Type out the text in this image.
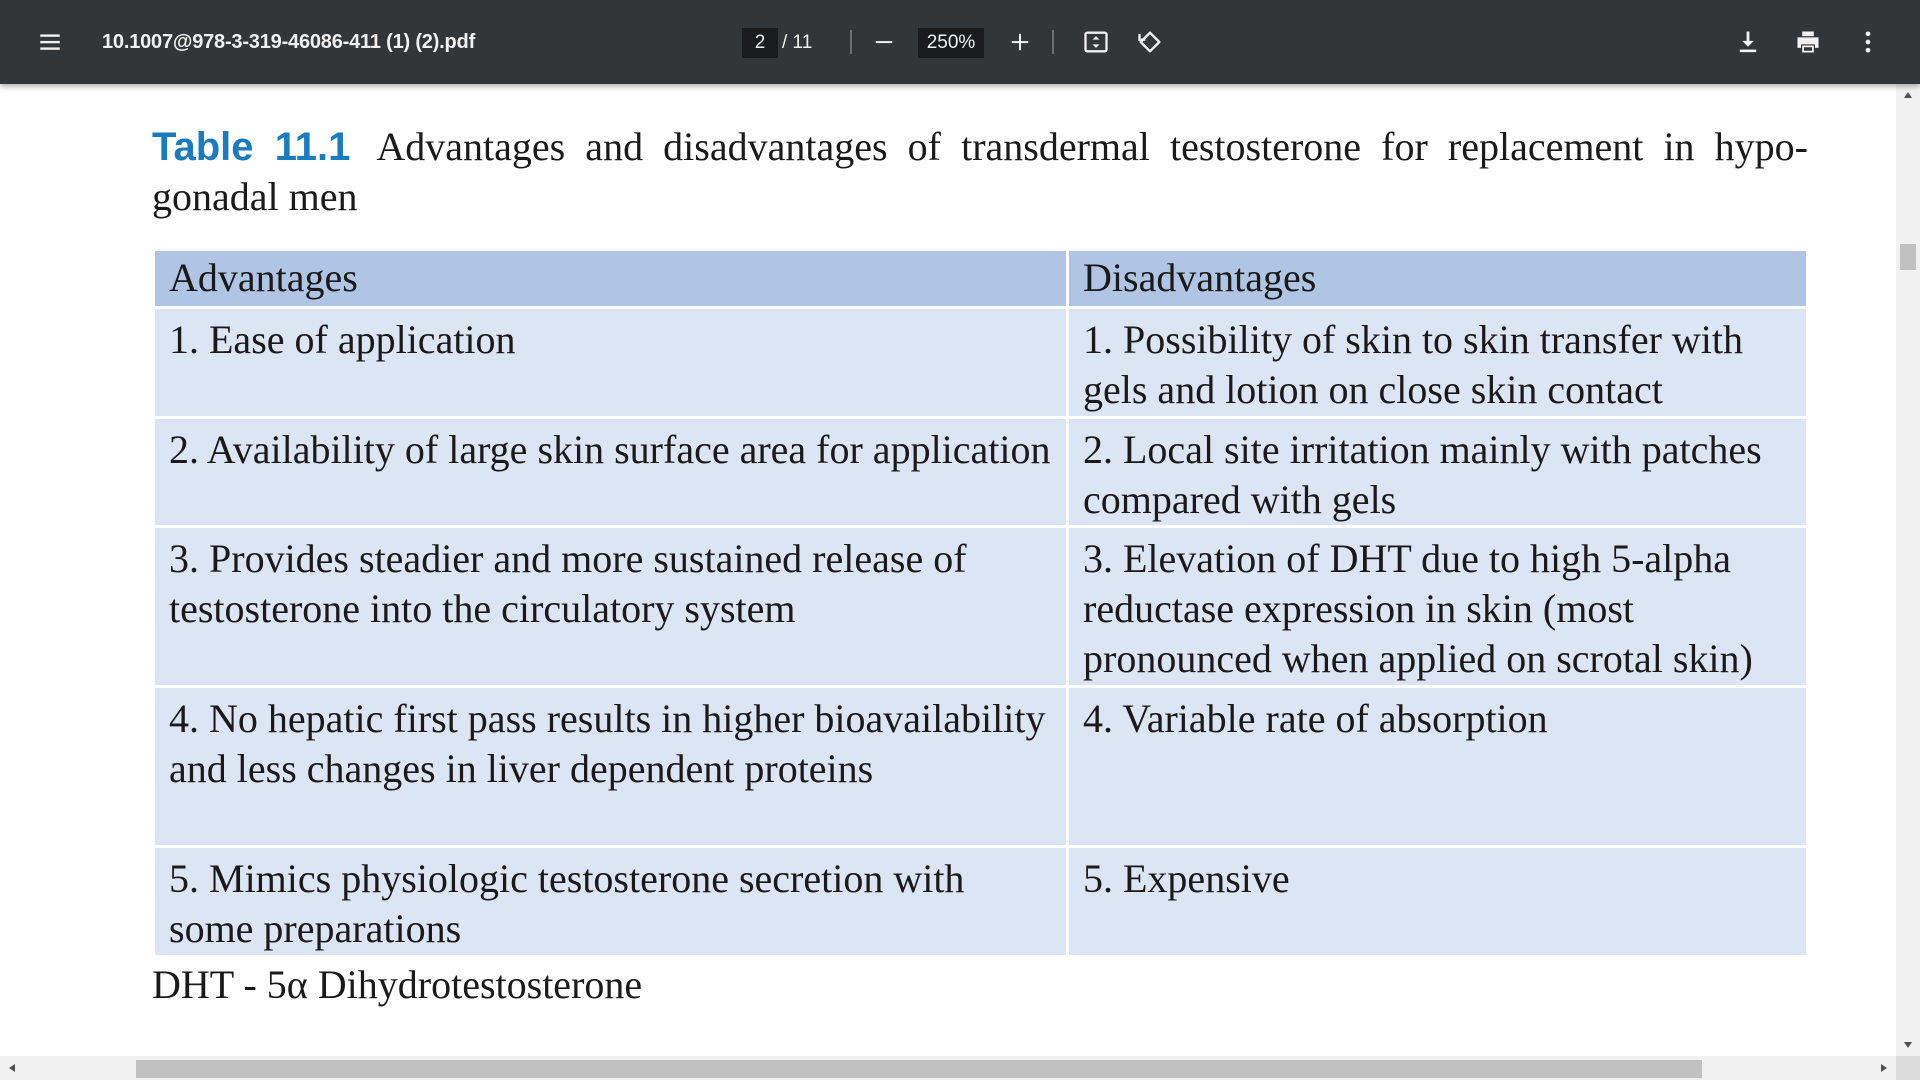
10.1007@978-3-319-46086-411 (1) (2).pdf
2	/ 11
250%
Table 11.1 Advantages and disadvantages of transdermal testosterone for replacement in hypogonadal men
Advantages	Disadvantages
1. Ease of application	1. Possibility of skin to skin transfer with gels and lotion on close skin contact
2. Availability of large skin surface area for application	2. Local site irritation mainly with patches compared with gels
3. Provides steadier and more sustained release of testosterone into the circulatory system	3. Elevation of DHT due to high 5-alpha reductase expression in skin (most pronounced when applied on scrotal skin)
4. No hepatic first pass results in higher bioavailability and less changes in liver dependent proteins	4. Variable rate of absorption
5. Mimics physiologic testosterone secretion with some preparations	5. Expensive
DHT - 5α Dihydrotestosterone
